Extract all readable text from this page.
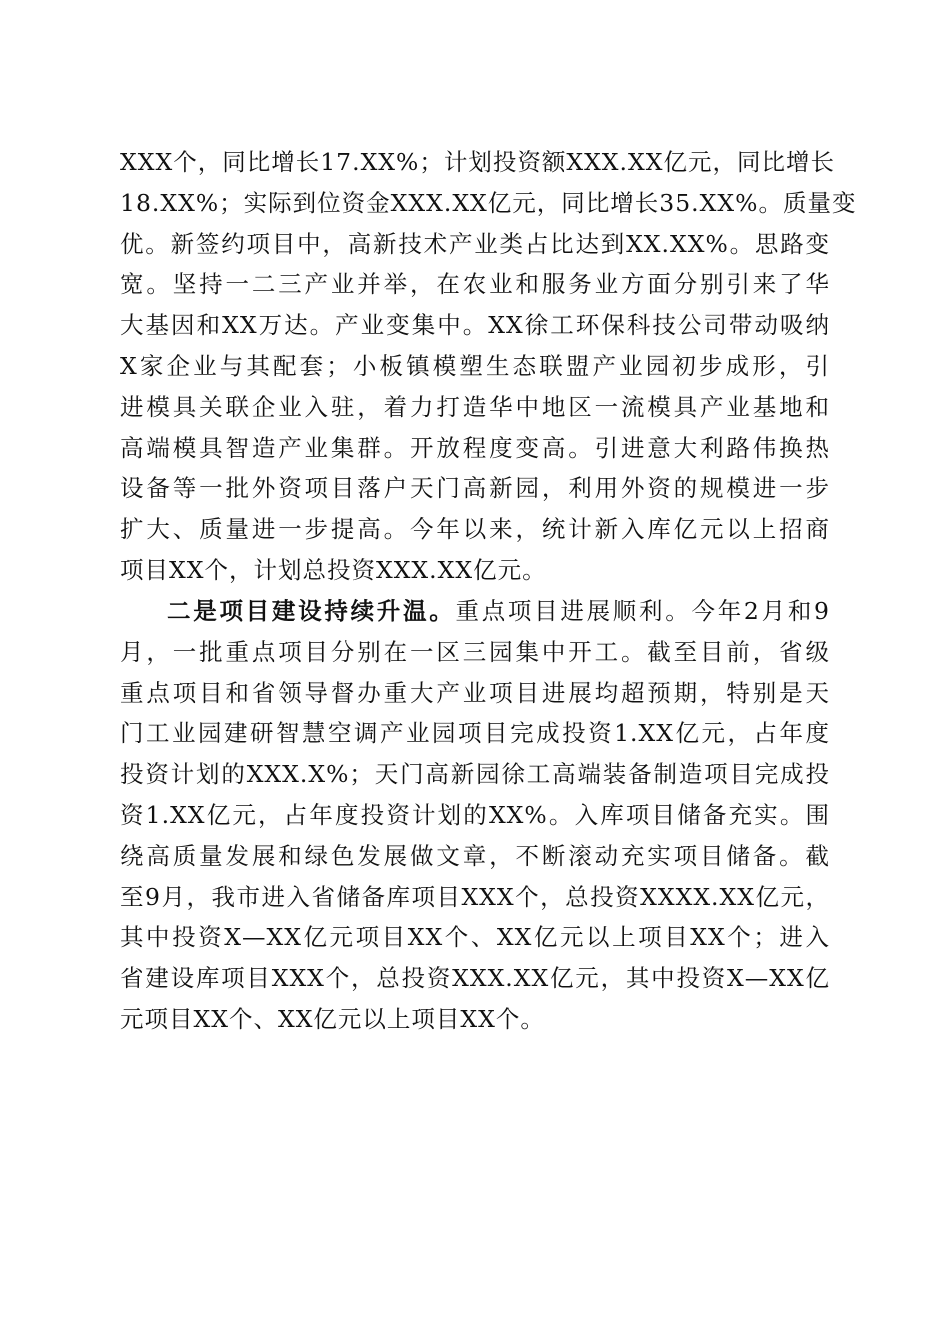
XXX个，同比增长17.XX%；计划投资额XXX.XX亿元，同比增长
18.XX%；实际到位资金XXX.XX亿元，同比增长35.XX%。质量变
优。新签约项目中，高新技术产业类占比达到XX.XX%。思路变
宽。坚持一二三产业并举，在农业和服务业方面分别引来了华
大基因和XX万达。产业变集中。XX徐工环保科技公司带动吸纳
X家企业与其配套；小板镇模塑生态联盟产业园初步成形，引
进模具关联企业入驻，着力打造华中地区一流模具产业基地和
高端模具智造产业集群。开放程度变高。引进意大利路伟换热
设备等一批外资项目落户天门高新园，利用外资的规模进一步
扩大、质量进一步提高。今年以来，统计新入库亿元以上招商
项目XX个，计划总投资XXX.XX亿元。
二是项目建设持续升温。重点项目进展顺利。今年2月和9
月，一批重点项目分别在一区三园集中开工。截至目前，省级
重点项目和省领导督办重大产业项目进展均超预期，特别是天
门工业园建研智慧空调产业园项目完成投资1.XX亿元，占年度
投资计划的XXX.X%；天门高新园徐工高端装备制造项目完成投
资1.XX亿元，占年度投资计划的XX%。入库项目储备充实。围
绕高质量发展和绿色发展做文章，不断滚动充实项目储备。截
至9月，我市进入省储备库项目XXX个，总投资XXXX.XX亿元，
其中投资X—XX亿元项目XX个、XX亿元以上项目XX个；进入
省建设库项目XXX个，总投资XXX.XX亿元，其中投资X—XX亿
元项目XX个、XX亿元以上项目XX个。
